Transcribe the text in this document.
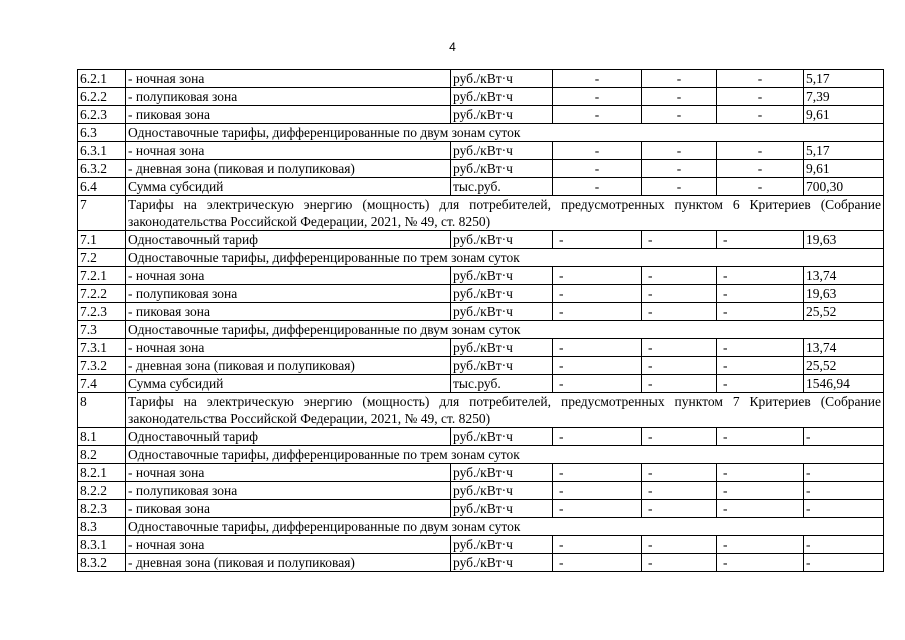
4
6.2.1	- ночная зона	руб./кВт·ч	-	-	-	5,17
6.2.2	- полупиковая зона	руб./кВт·ч	-	-	-	7,39
6.2.3	- пиковая зона	руб./кВт·ч	-	-	-	9,61
6.3	Одноставочные тарифы, дифференцированные по двум зонам суток					
6.3.1	- ночная зона	руб./кВт·ч	-	-	-	5,17
6.3.2	- дневная зона (пиковая и полупиковая)	руб./кВт·ч	-	-	-	9,61
6.4	Сумма субсидий	тыс.руб.	-	-	-	700,30
7	Тарифы на электрическую энергию (мощность) для потребителей, предусмотренных пунктом 6 Критериев (Собрание законодательства Российской Федерации, 2021, № 49, ст. 8250)					
7.1	Одноставочный тариф	руб./кВт·ч	-	-	-	19,63
7.2	Одноставочные тарифы, дифференцированные по трем зонам суток					
7.2.1	- ночная зона	руб./кВт·ч	-	-	-	13,74
7.2.2	- полупиковая зона	руб./кВт·ч	-	-	-	19,63
7.2.3	- пиковая зона	руб./кВт·ч	-	-	-	25,52
7.3	Одноставочные тарифы, дифференцированные по двум зонам суток					
7.3.1	- ночная зона	руб./кВт·ч	-	-	-	13,74
7.3.2	- дневная зона (пиковая и полупиковая)	руб./кВт·ч	-	-	-	25,52
7.4	Сумма субсидий	тыс.руб.	-	-	-	1546,94
8	Тарифы на электрическую энергию (мощность) для потребителей, предусмотренных пунктом 7 Критериев (Собрание законодательства Российской Федерации, 2021, № 49, ст. 8250)					
8.1	Одноставочный тариф	руб./кВт·ч	-	-	-	-
8.2	Одноставочные тарифы, дифференцированные по трем зонам суток					
8.2.1	- ночная зона	руб./кВт·ч	-	-	-	-
8.2.2	- полупиковая зона	руб./кВт·ч	-	-	-	-
8.2.3	- пиковая зона	руб./кВт·ч	-	-	-	-
8.3	Одноставочные тарифы, дифференцированные по двум зонам суток					
8.3.1	- ночная зона	руб./кВт·ч	-	-	-	-
8.3.2	- дневная зона (пиковая и полупиковая)	руб./кВт·ч	-	-	-	-
